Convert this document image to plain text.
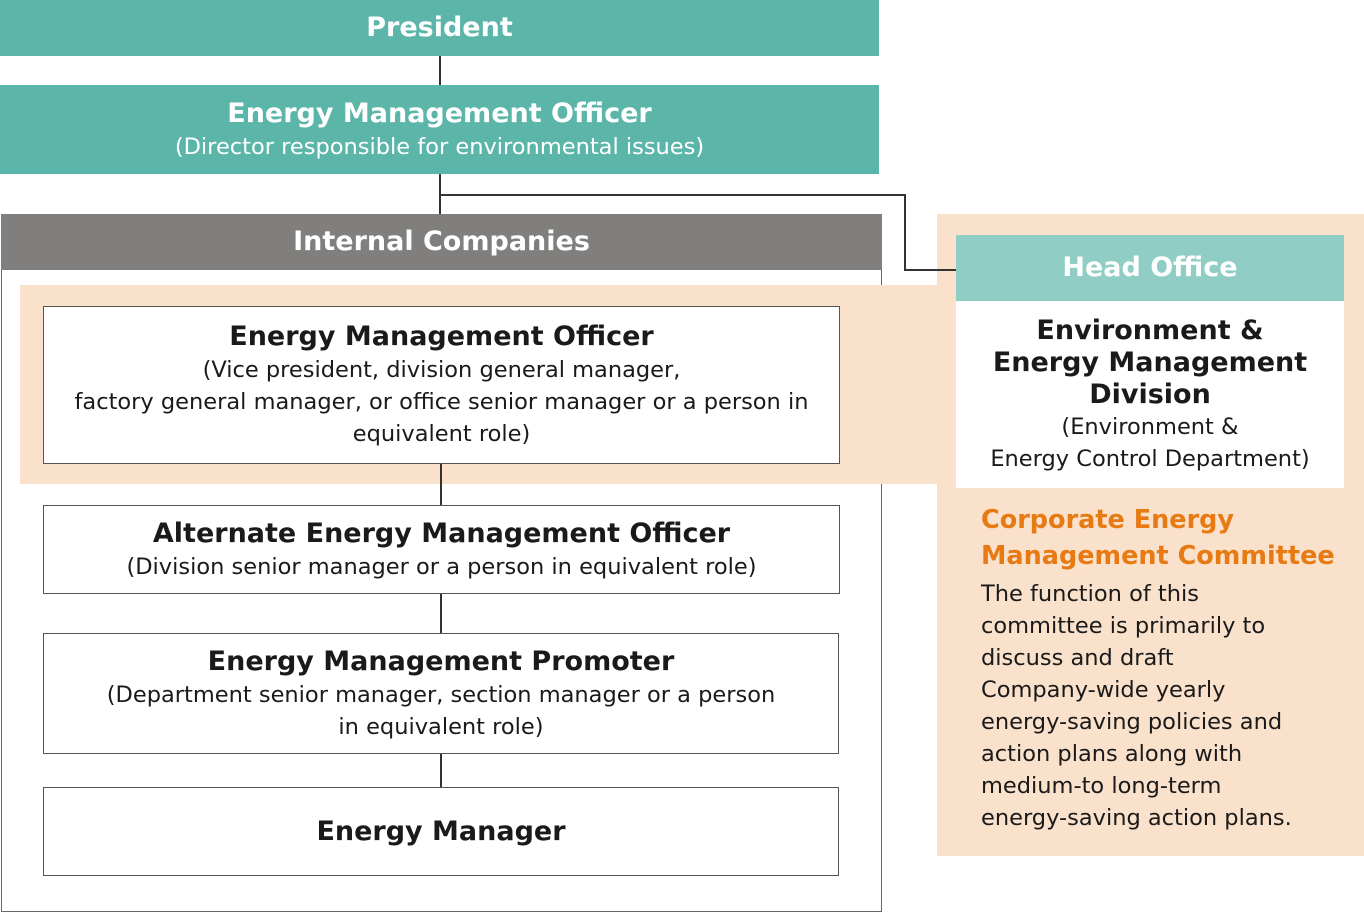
President
Energy Management Officer
(Director responsible for environmental issues)
Internal Companies
Energy Management Officer
(Vice president, division general manager,
factory general manager, or office senior manager or a person in
equivalent role)
Alternate Energy Management Officer
(Division senior manager or a person in equivalent role)
Energy Management Promoter
(Department senior manager, section manager or a person
in equivalent role)
Energy Manager
Head Office
Environment &
Energy Management
Division
(Environment &
Energy Control Department)
Corporate Energy
Management Committee
The function of this
committee is primarily to
discuss and draft
Company-wide yearly
energy-saving policies and
action plans along with
medium-to long-term
energy-saving action plans.
